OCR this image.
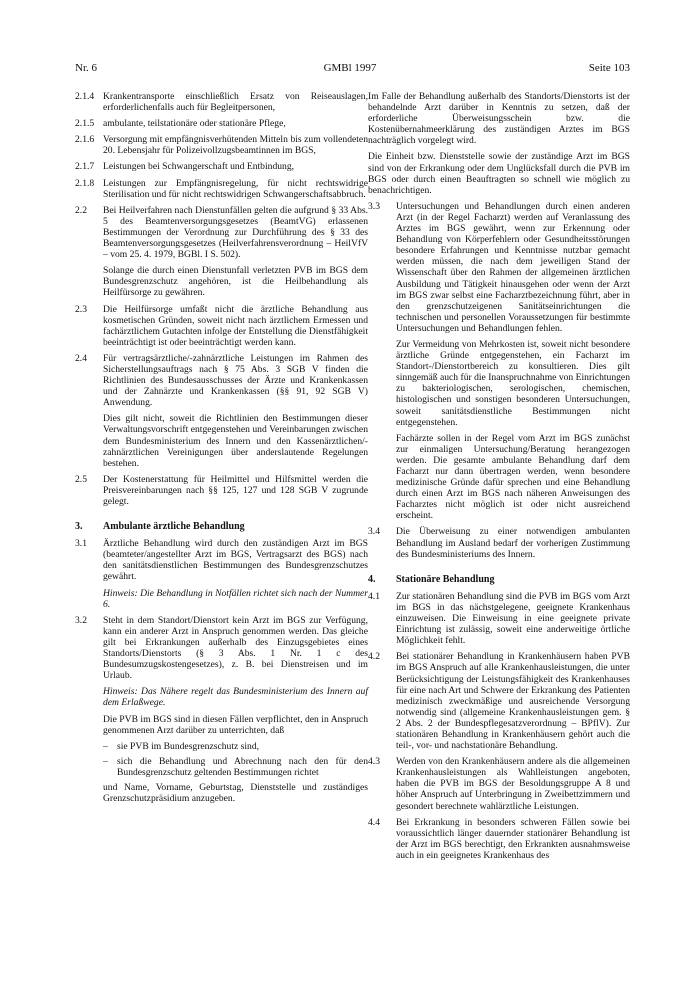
Nr. 6	GMBl 1997	Seite 103
2.1.4 Krankentransporte einschließlich Ersatz von Reiseauslagen, erforderlichenfalls auch für Begleitpersonen,
2.1.5 ambulante, teilstationäre oder stationäre Pflege,
2.1.6 Versorgung mit empfängnisverhütenden Mitteln bis zum vollendeten 20. Lebensjahr für Polizeivollzugsbeamtinnen im BGS,
2.1.7 Leistungen bei Schwangerschaft und Entbindung,
2.1.8 Leistungen zur Empfängnisregelung, für nicht rechtswidrige Sterilisation und für nicht rechtswidrigen Schwangerschaftsabbruch.
2.2	Bei Heilverfahren nach Dienstunfällen gelten die aufgrund § 33 Abs. 5 des Beamtenversorgungsgesetzes (BeamtVG) erlassenen Bestimmungen der Verordnung zur Durchführung des § 33 des Beamtenversorgungsgesetzes (Heilverfahrensverordnung – HeilVfV – vom 25. 4. 1979, BGBl. I S. 502).

Solange die durch einen Dienstunfall verletzten PVB im BGS dem Bundesgrenzschutz angehören, ist die Heilbehandlung als Heilfürsorge zu gewähren.

2.3	Die Heilfürsorge umfaßt nicht die ärztliche Behandlung aus kosmetischen Gründen, soweit nicht nach ärztlichem Ermessen und fachärztlichem Gutachten infolge der Entstellung die Dienstfähigkeit beeinträchtigt ist oder beeinträchtigt werden kann.
2.4	Für vertragsärztliche/-zahnärztliche Leistungen im Rahmen des Sicherstellungsauftrags nach § 75 Abs. 3 SGB V finden die Richtlinien des Bundesausschusses der Ärzte und Krankenkassen und der Zahnärzte und Krankenkassen (§§ 91, 92 SGB V) Anwendung.

Dies gilt nicht, soweit die Richtlinien den Bestimmungen dieser Verwaltungsvorschrift entgegenstehen und Vereinbarungen zwischen dem Bundesministerium des Innern und den Kassenärztlichen/-zahnärztlichen Vereinigungen über anderslautende Regelungen bestehen.

2.5	Der Kostenerstattung für Heilmittel und Hilfsmittel werden die Preisvereinbarungen nach §§ 125, 127 und 128 SGB V zugrunde gelegt.
3.	Ambulante ärztliche Behandlung
3.1	Ärztliche Behandlung wird durch den zuständigen Arzt im BGS (beamteter/angestellter Arzt im BGS, Vertragsarzt des BGS) nach den sanitätsdienstlichen Bestimmungen des Bundesgrenzschutzes gewährt.

Hinweis: Die Behandlung in Notfällen richtet sich nach der Nummer 6.

3.2	Steht in dem Standort/Dienstort kein Arzt im BGS zur Verfügung, kann ein anderer Arzt in Anspruch genommen werden. Das gleiche gilt bei Erkrankungen außerhalb des Einzugsgebietes eines Standorts/Dienstorts (§ 3 Abs. 1 Nr. 1 c des Bundesumzugskostengesetzes), z. B. bei Dienstreisen und im Urlaub.

Hinweis: Das Nähere regelt das Bundesministerium des Innern auf dem Erlaßwege.

Die PVB im BGS sind in diesen Fällen verpflichtet, den in Anspruch genommenen Arzt darüber zu unterrichten, daß

– sie PVB im Bundesgrenzschutz sind,
– sich die Behandlung und Abrechnung nach den für den Bundesgrenzschutz geltenden Bestimmungen richtet

und Name, Vorname, Geburtstag, Dienststelle und zuständiges Grenzschutzpräsidium anzugeben.

Im Falle der Behandlung außerhalb des Standorts/Dienstorts ist der behandelnde Arzt darüber in Kenntnis zu setzen, daß der erforderliche Überweisungsschein bzw. die Kostenübernahmeerklärung des zuständigen Arztes im BGS nachträglich vorgelegt wird.

Die Einheit bzw. Dienststelle sowie der zuständige Arzt im BGS sind von der Erkrankung oder dem Unglücksfall durch die PVB im BGS oder durch einen Beauftragten so schnell wie möglich zu benachrichtigen.

3.3	Untersuchungen und Behandlungen durch einen anderen Arzt (in der Regel Facharzt) werden auf Veranlassung des Arztes im BGS gewährt, wenn zur Erkennung oder Behandlung von Körperfehlern oder Gesundheitsstörungen besondere Erfahrungen und Kenntnisse nutzbar gemacht werden müssen, die nach dem jeweiligen Stand der Wissenschaft über den Rahmen der allgemeinen ärztlichen Ausbildung und Tätigkeit hinausgehen oder wenn der Arzt im BGS zwar selbst eine Facharztbezeichnung führt, aber in den grenzschutzeigenen Sanitätseinrichtungen die technischen und personellen Voraussetzungen für bestimmte Untersuchungen und Behandlungen fehlen.

Zur Vermeidung von Mehrkosten ist, soweit nicht besondere ärztliche Gründe entgegenstehen, ein Facharzt im Standort-/Dienstortbereich zu konsultieren. Dies gilt sinngemäß auch für die Inanspruchnahme von Einrichtungen zu bakteriologischen, serologischen, chemischen, histologischen und sonstigen besonderen Untersuchungen, soweit sanitätsdienstliche Bestimmungen nicht entgegenstehen.

Fachärzte sollen in der Regel vom Arzt im BGS zunächst zur einmaligen Untersuchung/Beratung herangezogen werden. Die gesamte ambulante Behandlung darf dem Facharzt nur dann übertragen werden, wenn besondere medizinische Gründe dafür sprechen und eine Behandlung durch einen Arzt im BGS nach näheren Anweisungen des Facharztes nicht möglich ist oder nicht ausreichend erscheint.

3.4	Die Überweisung zu einer notwendigen ambulanten Behandlung im Ausland bedarf der vorherigen Zustimmung des Bundesministeriums des Innern.
4.	Stationäre Behandlung
4.1	Zur stationären Behandlung sind die PVB im BGS vom Arzt im BGS in das nächstgelegene, geeignete Krankenhaus einzuweisen. Die Einweisung in eine geeignete private Einrichtung ist zulässig, soweit eine anderweitige örtliche Möglichkeit fehlt.
4.2	Bei stationärer Behandlung in Krankenhäusern haben PVB im BGS Anspruch auf alle Krankenhausleistungen, die unter Berücksichtigung der Leistungsfähigkeit des Krankenhauses für eine nach Art und Schwere der Erkrankung des Patienten medizinisch zweckmäßige und ausreichende Versorgung notwendig sind (allgemeine Krankenhausleistungen gem. § 2 Abs. 2 der Bundespflegesatzverordnung – BPflV). Zur stationären Behandlung in Krankenhäusern gehört auch die teil-, vor- und nachstationäre Behandlung.
4.3	Werden von den Krankenhäusern andere als die allgemeinen Krankenhausleistungen als Wahlleistungen angeboten, haben die PVB im BGS der Besoldungsgruppe A 8 und höher Anspruch auf Unterbringung in Zweibettzimmern und gesondert berechnete wahlärztliche Leistungen.
4.4	Bei Erkrankung in besonders schweren Fällen sowie bei voraussichtlich länger dauernder stationärer Behandlung ist der Arzt im BGS berechtigt, den Erkrankten ausnahmsweise auch in ein geeignetes Krankenhaus des
